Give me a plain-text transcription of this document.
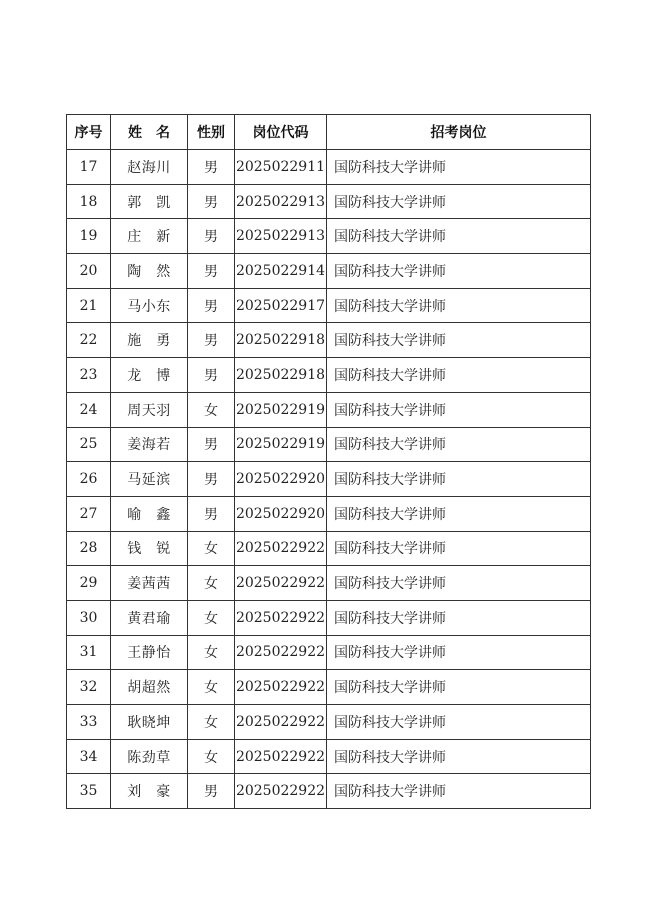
序号	姓　名	性别	岗位代码	招考岗位
17	赵海川	男	2025022911	国防科技大学讲师
18	郭　凯	男	2025022913	国防科技大学讲师
19	庄　新	男	2025022913	国防科技大学讲师
20	陶　然	男	2025022914	国防科技大学讲师
21	马小东	男	2025022917	国防科技大学讲师
22	施　勇	男	2025022918	国防科技大学讲师
23	龙　博	男	2025022918	国防科技大学讲师
24	周天羽	女	2025022919	国防科技大学讲师
25	姜海若	男	2025022919	国防科技大学讲师
26	马延滨	男	2025022920	国防科技大学讲师
27	喻　鑫	男	2025022920	国防科技大学讲师
28	钱　锐	女	2025022922	国防科技大学讲师
29	姜茜茜	女	2025022922	国防科技大学讲师
30	黄君瑜	女	2025022922	国防科技大学讲师
31	王静怡	女	2025022922	国防科技大学讲师
32	胡超然	女	2025022922	国防科技大学讲师
33	耿晓坤	女	2025022922	国防科技大学讲师
34	陈劲草	女	2025022922	国防科技大学讲师
35	刘　豪	男	2025022922	国防科技大学讲师
